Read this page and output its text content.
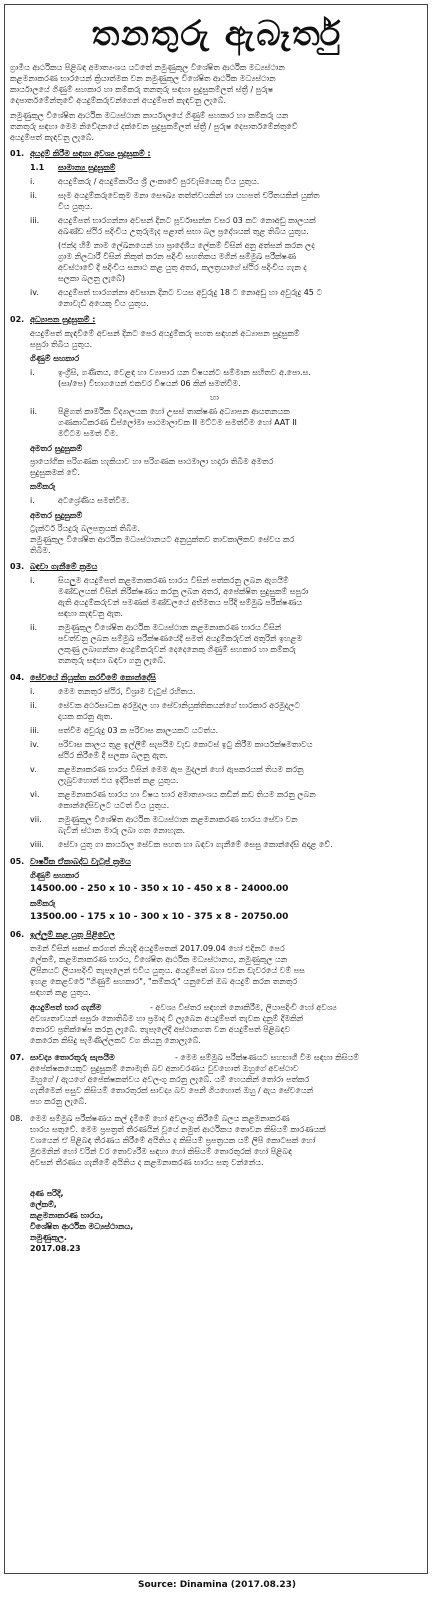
තනතුරු ඇබෑර්තු
ග්‍රාමීය ආර්ථිකය පිළිබඳ අමාත්‍යංශය යටතේ නමුණුකුල විශේෂිත ආර්ථික මධ්‍යස්ථාන
කළමනාකරණ භාරයෙන් ක්‍රියාත්මක වන නමුණුකුල විශේෂිත ආර්ථික මධ්‍යස්ථාන
කාර්යාලයේ ගිණුම් සහකාර හා කම්කරු තනතුරු සඳහා සුදුසුකම්ලත් ස්ත්‍රී / පුරුෂ
දෙපාර්තමේන්තුවේ අයදුම්කරුවන්ගෙන් අයදුම්පත් කැඳවනු ලැබේ.
නමුණුකුල විශේෂිත ආර්ථික මධ්‍යස්ථාන කාර්යාලයේ ගිණුම් සහකාර හා කම්කරු යන
තනතුරු සඳහා මෙම නිවේදනයේ දක්වෙන සුදුසුකම්ලත් ස්ත්‍රී / පුරුෂ දෙපාර්තමේන්තුවේ
අයදුම්පත් කැඳවනු ලැබේ.
01. අයදුම් කිරීම සඳහා අවශ්‍ය සුදුසුකම් :
1.1 සාමාන්‍ය සුදුසුකම්
i.	අයදුම්කරු / අයදුම්කාරිය ශ්‍රී ලංකාවේ පුරවැසියෙකු විය යුතුය.
ii.	සෑම අයදුම්කරුවෙකුම මනා සෞඛ්‍ය තත්ත්වයකින් හා යහපත් චරිතයකින් යුක්ත
විය යුතුය.
iii. අයදුම්පත් භාරගන්නා අවසන් දිනට පූර්වාසන්න වසර 03 කට නොඅඩු කාලයක්
අඛණ්ඩ ස්ථිර පදිංචිය උතුරුමැද පළාත් සභා බල ප්‍රදේශයක් තුළ තිබිය යුතුය.
(ජන්ද හිමි නාම ලේඛනයෙන් හා ප්‍රාදේශීය ලේකම් විසින් අනු අත්සන් කරන ලද
ග්‍රාම නිලධාරී විසින් නිකුත් කරන පදිංචි සහතිකය මගින් සම්මුඛ පරීක්ෂණ
අවස්ථාවේ දී පදිංචිය සනාථ කළ යුතු අතර, කලත්‍රයාගේ ස්ථිර පදිංචිය ගැන ද
සලකා බලනු ලැබේ)
iv. අයදුම්පත් භාරගන්නා අවසාන දිනට වයස අවුරුදු 18 ට නොඅඩු හා අවුරුදු 45 ට
නොවැඩි අයෙකු විය යුතුය.
02. අධ්‍යාපන සුදුසුකම් :
අයදුම්පත් කැඳවීමේ අවසන් දිනට පෙර අයදුම්කරු පහත සඳහන් අධ්‍යාපන සුදුසුකම්
සපුරා තිබිය යුතුය.
ගිණුම් සහකාර
i.	ඉංග්‍රීසි, ගණිතය, වෙළඳ හා ව්‍යාපාර යන විෂයන්ට සම්මාන සහිතව අ.පො.ස.
(සා/පෙ) විභාගයෙන් එකවර විෂයන් 06 කින් සමත්වීම.
හා
ii.	පිළිගත් කාර්මික විද්‍යාලයක හෝ උසස් තාක්ෂණ අධ්‍යාපන ආයතනයක
ගණකාධිකරණ ඩිප්ලෝමා පාඨමාලාවක II මට්ටම සමත්වීම හෝ AAT II
මට්ටම සමත් වීම.
අමතර සුදුසුකම්
ප්‍රායෝගික පරිගණක හැකියාව හා පරිගණක පාඨමාලා හදාරා තිබීම අමතර
සුදුසුකමක් වේ.
කම්කරු
i.	අටශ්‍රේණිය සමත්වීම.
අමතර සුදුසුකම්
ට්‍රැක්ටර් රියදුරු බලපත්‍රයක් තිබීම.
නමුණුකුල විශේෂිත ආර්ථික මධ්‍යස්ථානයට අනුයුක්තව තාවකාලිකව සේවය කර
තිබීම.
03. බඳවා ගැනීමේ ක්‍රමය
i.	සියලුම අයදුම්පත් කළමනාකරණ භාරය විසින් පත්කරනු ලබන ඇගයීම්
මණ්ඩලයක් විසින් නිරීක්ෂණය කරනු ලබන අතර, අපේක්ෂිත සුදුසුකම් සපුරා
ඇති අයදුම්කරුවන් පමණක් මණ්ඩලයේ අභිමතය පරිදි සම්මුඛ පරීක්ෂණය
සඳහා කැඳවනු ඇත.
ii.	නමුණුකුල විශේෂිත ආර්ථික මධ්‍යස්ථාන කළමනාකරණ භාරය විසින්
පවත්වනු ලබන සම්මුඛ පරීක්ෂණයේදී සමත් අයදුම්කරුවන් අතුරින් ඉහළම
ලකුණු ලබාගන්නා අයදුම්කරුවන් දෙදෙනෙකු ගිණුම් සහකාර හා කම්කරු
තනතුරු සඳහා බඳවා ගනු ලැබේ.
04. සේවයේ නියුක්ත කරවීමේ කොන්දේසි
i.	මෙම තනතුර ස්ථිර, විශ්‍රාම වැටුප් රහිතය.
ii.	සේවක අර්ථසාධක අරමුදල හා සේවානියුක්තිකයන්ගේ භාරකාර අරමුදලට
දායක කරනු ඇත.
iii. පත්වීම අවුරුදු 03 ක පරිවාස කාලයකට යටත්ය.
iv. පරිවාස කාලය තුළ ඉල්ලීම් සැපයීම වැඩ කොටස් ඉටු කිරීම කාර්යක්ෂමතාවය
ස්ථිර කිරීමේ දී සලකා බලනු ඇත.
v.	කළමනාකරණ භාරය විසින් මෙම ඇප මුදලක් හෝ ඇපකරයක් තියම කරනු
ලැබුවහොත් එය ඉදිරිපත් කළ යුතුය.
vi. කළමනාකරණ භාරය හා විෂය භාර අමාත්‍යාංශය කඩින් කඩ තියම කරනු ලබන
කොන්දේසිවලට යටත් විය යුතුය.
vii. නමුණුකුල විශේෂිත ආර්ථික මධ්‍යස්ථාන කළමනාකරණ භාරය සේවා වන
බැවින් ස්ථාන මාරු ලබා ගත නොහැක.
viii. සේවා යුතු ගා කාර්යාල සේවක පහත හා බඳවා ගැනීමේ සෙසු කොන්දේසි අදාළ වේ.
05. වාර්ෂික ඒකාබද්ධ වැටුප් ක්‍රමය
ගිණුම් සහකාර
14500.00 - 250 x 10 - 350 x 10 - 450 x 8 - 24000.00
කම්කරු
13500.00 - 175 x 10 - 300 x 10 - 375 x 8 - 20750.00
06. ඉල්ලුම් කළ යුතු පිළිවෙල
තමන් විසින් සකස් කරගත් නියැදි අයදුම්පතක් 2017.09.04 හෝ එදිනට පෙර
ලේකම්, කළමනාකරණ භාරය, විශේෂිත ආර්ථික මධ්‍යස්ථානය, නමුණුකුල යන
ලිපිනයට ලියාපදිංචි තැපෑලෙන් එවිය යුතුය. අයදුම්පත් බහා එවන ඩැවරයේ වම් පස
ඉහළ කෙළවරේ "ගිණුම් සහකාර", "කම්කරු" යනුවෙන් ඔබ අයදුම් කරන තනතුර
සඳහන් කළ යුතුය.
අයදුම්පත් භාර ගැනීම	- අවශ්‍ය විස්තර සඳහන් නොකිරීම, ලියාපදිංචි හෝ අවශ්‍ය
අවශ්‍යතාවයන් සපුරා නොතිබීම හා ප්‍රමාද වී ලැබෙන අයදුම්පත් තැවක දනුම් දීමකින්
තොරව ප්‍රතික්ෂේප කරනු ලැබේ. තැපෑලේදී අස්ථානගත වන අයදුම්පත් පිළිබඳව
කෙරෙන කිසිදු පැමිණිල්ලකට වග කියනු නොලැබේ.
07. සාවද්‍ය තොරතුරු සැපයීම	- මෙම සම්මුඛ පරීක්ෂණයට සහභාගී වීම සඳහා කිසියම්
අපේක්ෂකයෙකුට සුදුසුකම් නොමැති බව අනාවරණය වුවහොත් ඔහුගේ අවස්ථාව
ඔහුගේ / ඇයගේ අපේක්ෂකත්වය අවලංගු කරනු ලැබේ. යම් හෙයකින් තෝරා පත්කර
ගැනීමෙන් පසුව කිසියම් තොරතුරක් සාවද්‍ය බව පෙනී ගියහොත් ඔහු / ඇය සේවයෙන්
පහ කරනු ලැබේ.
08. මෙම සම්මුඛ පරීක්ෂණය කල් දැමීමේ හෝ අවලංගු කිරීමේ බලය කළමනාකරණ
භාරය සතුවේ. මෙම ප්‍රපත්‍රත් තීරණයින් වූයේ නමුත් ආර්ථිකය තොවන කිසියම් කාරණයක්
වශයෙන් ඒ පිළිබඳ තීරණය කිරීමේ අයිතිය ද කිසියම් ප්‍රපත්‍රයක යම් ලිපි කොටසක් හෝ
මුළුමනින් හෝ වරින් වර තොව්‍යරීම සඳහා හෝ කිසියම් තොරතුරක් හෝ පිළිබඳ
අවසන් තීරණය ගැනීමේ අයිතිය ද කළමනාකරණ භාරය සතු වන්නේය.
අණ පරිදි,
ලේකම්,
කළමනාකරණ භාරය,
විශේෂිත ආර්ථික මධ්‍යස්ථානය,
නමුණුකුල.
2017.08.23
Source: Dinamina (2017.08.23)
